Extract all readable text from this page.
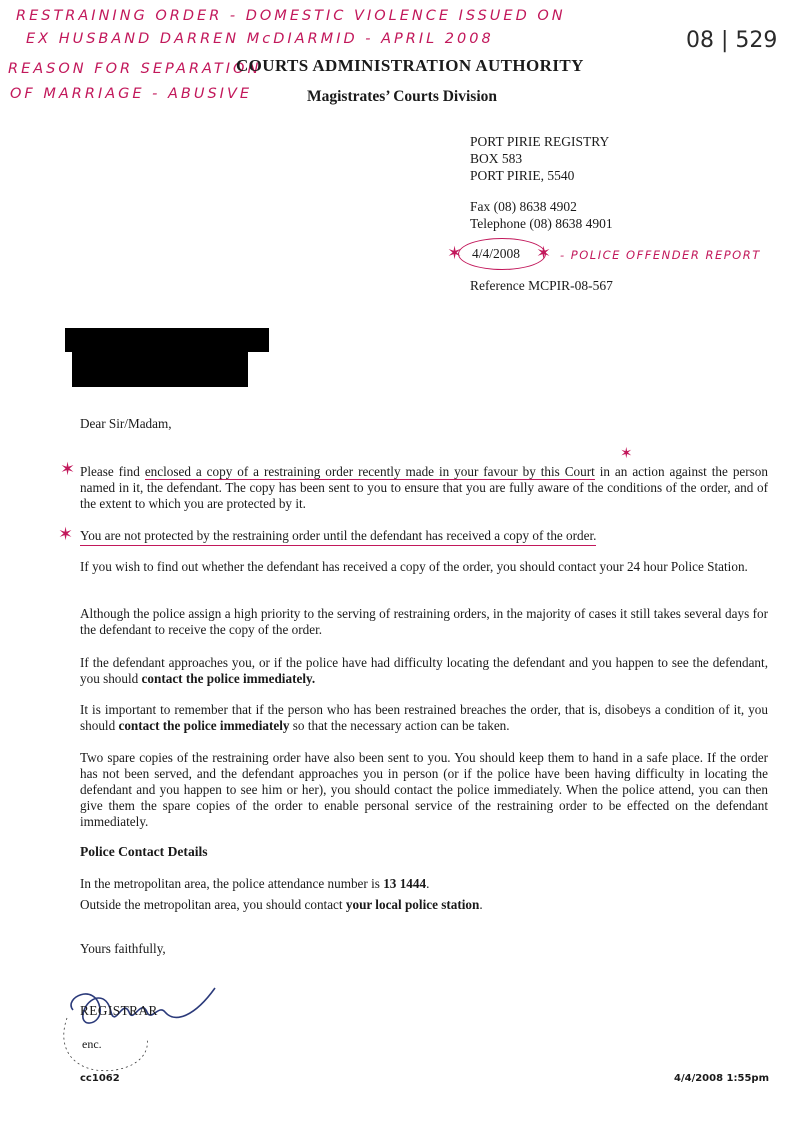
RESTRAINING ORDER - DOMESTIC VIOLENCE ISSUED ON
EX HUSBAND DARREN McDIARMID - APRIL 2008
REASON FOR SEPARATION
OF MARRIAGE - ABUSIVE
08 | 529
COURTS ADMINISTRATION AUTHORITY
Magistrates’ Courts Division
PORT PIRIE REGISTRY
BOX 583
PORT PIRIE, 5540
Fax (08) 8638 4902
Telephone (08) 8638 4901
✶ 4/4/2008 ✶ - POLICE OFFENDER REPORT
Reference MCPIR-08-567
Dear Sir/Madam,
✶
✶
Please find enclosed a copy of a restraining order recently made in your favour by this Court in an action against the person named in it, the defendant. The copy has been sent to you to ensure that you are fully aware of the conditions of the order, and of the extent to which you are protected by it.
✶ You are not protected by the restraining order until the defendant has received a copy of the order.
If you wish to find out whether the defendant has received a copy of the order, you should contact your 24 hour Police Station.
Although the police assign a high priority to the serving of restraining orders, in the majority of cases it still takes several days for the defendant to receive the copy of the order.
If the defendant approaches you, or if the police have had difficulty locating the defendant and you happen to see the defendant, you should contact the police immediately.
It is important to remember that if the person who has been restrained breaches the order, that is, disobeys a condition of it, you should contact the police immediately so that the necessary action can be taken.
Two spare copies of the restraining order have also been sent to you. You should keep them to hand in a safe place. If the order has not been served, and the defendant approaches you in person (or if the police have been having difficulty in locating the defendant and you happen to see him or her), you should contact the police immediately. When the police attend, you can then give them the spare copies of the order to enable personal service of the restraining order to be effected on the defendant immediately.
Police Contact Details
In the metropolitan area, the police attendance number is 13 1444.
Outside the metropolitan area, you should contact your local police station.
Yours faithfully,
REGISTRAR
enc.
cc1062	4/4/2008 1:55pm
